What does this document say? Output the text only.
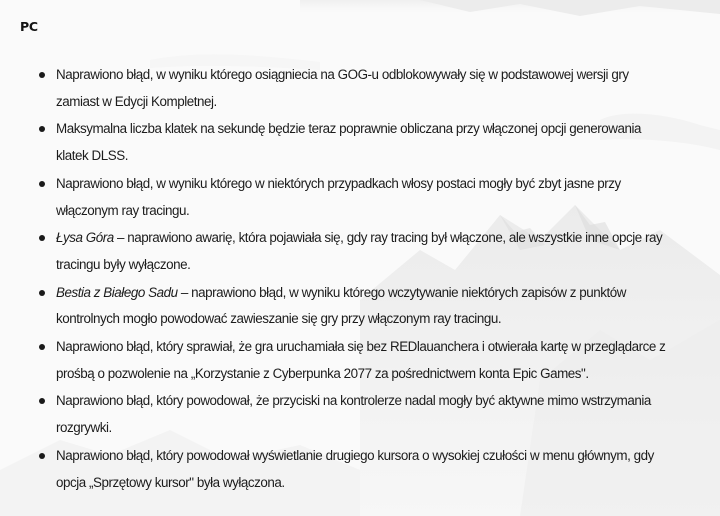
PC
Naprawiono błąd, w wyniku którego osiągniecia na GOG-u odblokowywały się w podstawowej wersji gry
zamiast w Edycji Kompletnej.
Maksymalna liczba klatek na sekundę będzie teraz poprawnie obliczana przy włączonej opcji generowania
klatek DLSS.
Naprawiono błąd, w wyniku którego w niektórych przypadkach włosy postaci mogły być zbyt jasne przy
włączonym ray tracingu.
Łysa Góra – naprawiono awarię, która pojawiała się, gdy ray tracing był włączone, ale wszystkie inne opcje ray
tracingu były wyłączone.
Bestia z Białego Sadu – naprawiono błąd, w wyniku którego wczytywanie niektórych zapisów z punktów
kontrolnych mogło powodować zawieszanie się gry przy włączonym ray tracingu.
Naprawiono błąd, który sprawiał, że gra uruchamiała się bez REDlauanchera i otwierała kartę w przeglądarce z
prośbą o pozwolenie na „Korzystanie z Cyberpunka 2077 za pośrednictwem konta Epic Games".
Naprawiono błąd, który powodował, że przyciski na kontrolerze nadal mogły być aktywne mimo wstrzymania
rozgrywki.
Naprawiono błąd, który powodował wyświetlanie drugiego kursora o wysokiej czułości w menu głównym, gdy
opcja „Sprzętowy kursor" była wyłączona.
